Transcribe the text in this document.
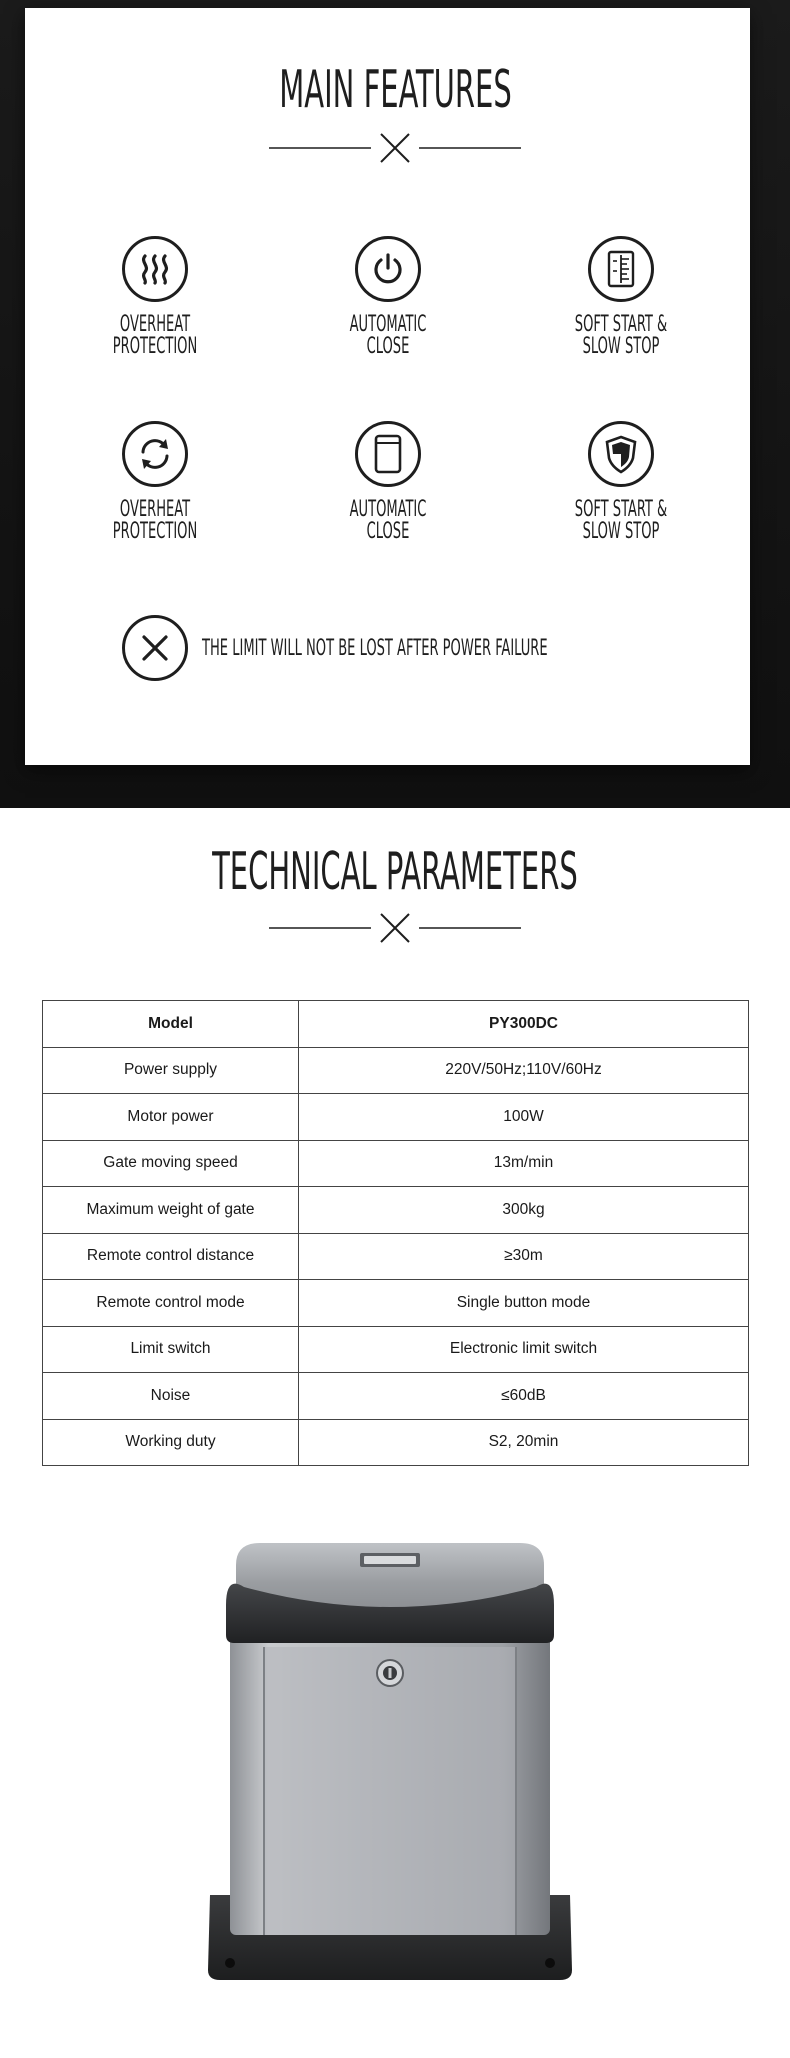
MAIN FEATURES
OVERHEAT
PROTECTION
AUTOMATIC
CLOSE
SOFT START &
SLOW STOP
OVERHEAT
PROTECTION
AUTOMATIC
CLOSE
SOFT START &
SLOW STOP
THE LIMIT WILL NOT BE LOST AFTER POWER FAILURE
TECHNICAL PARAMETERS
Model	PY300DC
Power supply	220V/50Hz;110V/60Hz
Motor power	100W
Gate moving speed	13m/min
Maximum weight of gate	300kg
Remote control distance	≥30m
Remote control mode	Single button mode
Limit switch	Electronic limit switch
Noise	≤60dB
Working duty	S2, 20min
